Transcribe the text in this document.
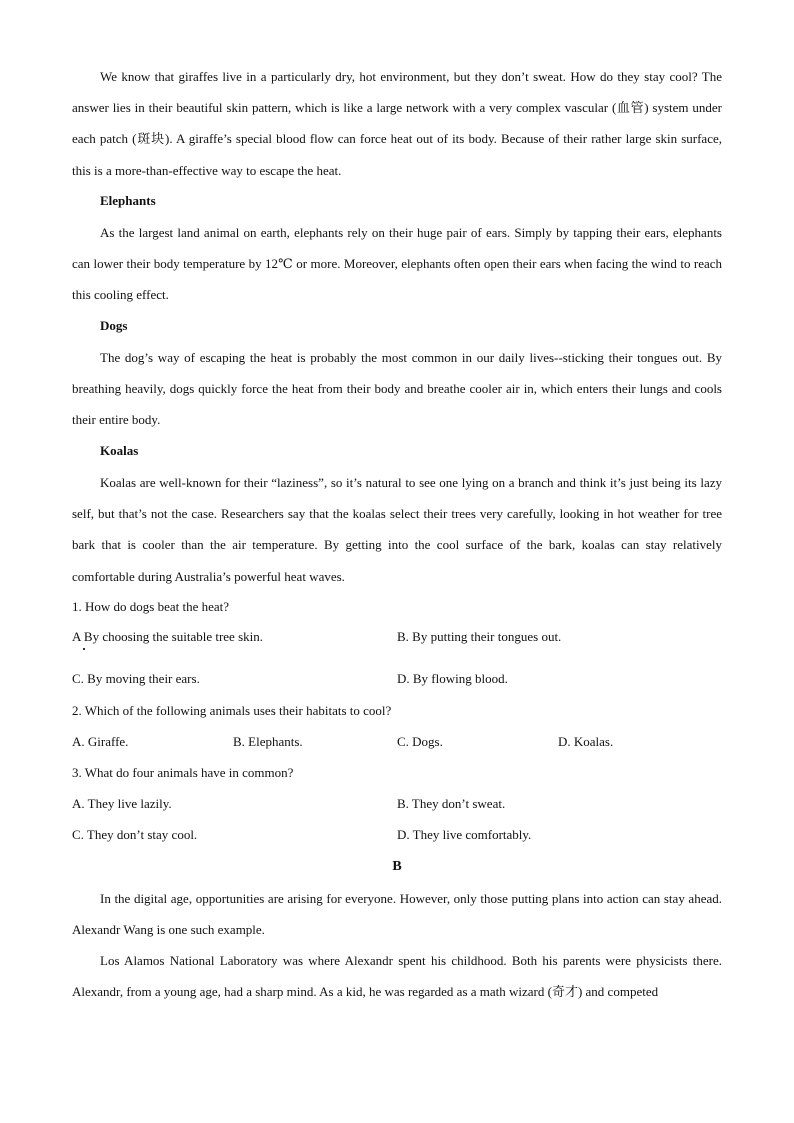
We know that giraffes live in a particularly dry, hot environment, but they don’t sweat. How do they stay cool? The answer lies in their beautiful skin pattern, which is like a large network with a very complex vascular (血管) system under each patch (斑块). A giraffe’s special blood flow can force heat out of its body. Because of their rather large skin surface, this is a more-than-effective way to escape the heat.

Elephants

As the largest land animal on earth, elephants rely on their huge pair of ears. Simply by tapping their ears, elephants can lower their body temperature by 12℃ or more. Moreover, elephants often open their ears when facing the wind to reach this cooling effect.

Dogs

The dog’s way of escaping the heat is probably the most common in our daily lives--sticking their tongues out. By breathing heavily, dogs quickly force the heat from their body and breathe cooler air in, which enters their lungs and cools their entire body.

Koalas

Koalas are well-known for their “laziness”, so it’s natural to see one lying on a branch and think it’s just being its lazy self, but that’s not the case. Researchers say that the koalas select their trees very carefully, looking in hot weather for tree bark that is cooler than the air temperature. By getting into the cool surface of the bark, koalas can stay relatively comfortable during Australia’s powerful heat waves.

1. How do dogs beat the heat?

A By choosing the suitable tree skin.	B. By putting their tongues out.
C. By moving their ears.	D. By flowing blood.

2. Which of the following animals uses their habitats to cool?

A. Giraffe.	B. Elephants.	C. Dogs.	D. Koalas.

3. What do four animals have in common?

A. They live lazily.	B. They don’t sweat.
C. They don’t stay cool.	D. They live comfortably.
B

In the digital age, opportunities are arising for everyone. However, only those putting plans into action can stay ahead. Alexandr Wang is one such example.

Los Alamos National Laboratory was where Alexandr spent his childhood. Both his parents were physicists there. Alexandr, from a young age, had a sharp mind. As a kid, he was regarded as a math wizard (奇才) and competed
